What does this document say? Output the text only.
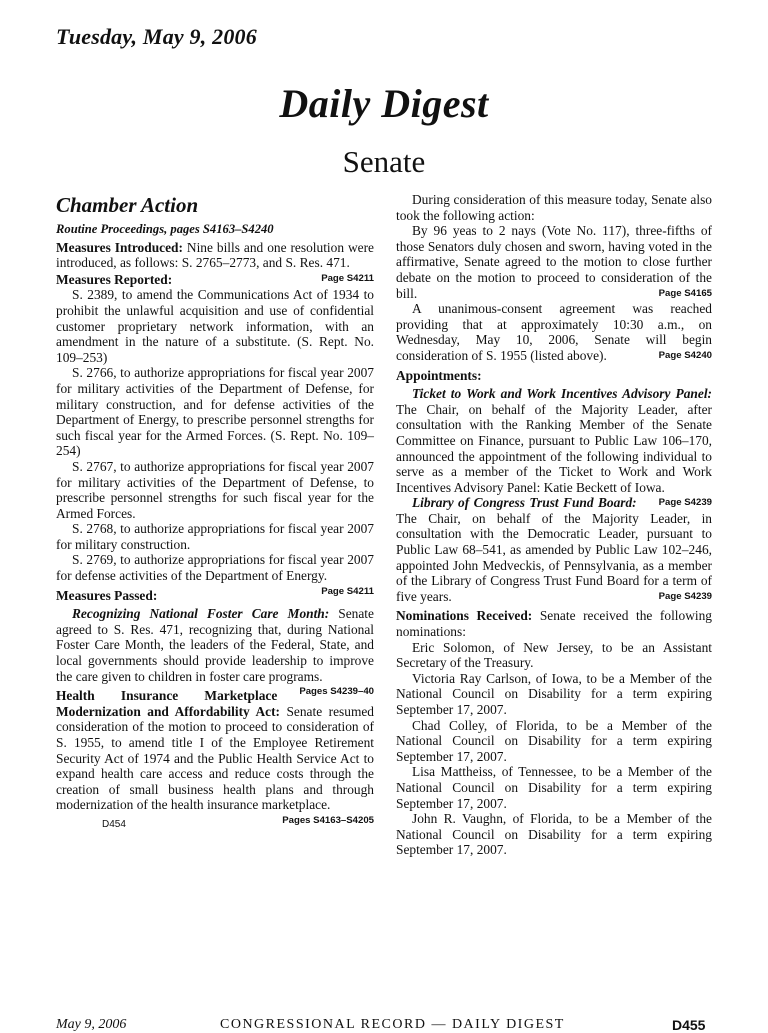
Tuesday, May 9, 2006
Daily Digest
Senate
Chamber Action
Routine Proceedings, pages S4163–S4240

Measures Introduced: Nine bills and one resolution were introduced, as follows: S. 2765–2773, and S. Res. 471.
Page S4211

Measures Reported:

S. 2389, to amend the Communications Act of 1934 to prohibit the unlawful acquisition and use of confidential customer proprietary network information, with an amendment in the nature of a substitute. (S. Rept. No. 109–253)

S. 2766, to authorize appropriations for fiscal year 2007 for military activities of the Department of Defense, for military construction, and for defense activities of the Department of Energy, to prescribe personnel strengths for such fiscal year for the Armed Forces. (S. Rept. No. 109–254)

S. 2767, to authorize appropriations for fiscal year 2007 for military activities of the Department of Defense, to prescribe personnel strengths for such fiscal year for the Armed Forces.

S. 2768, to authorize appropriations for fiscal year 2007 for military construction.

S. 2769, to authorize appropriations for fiscal year 2007 for defense activities of the Department of Energy.
Page S4211

Measures Passed:

Recognizing National Foster Care Month: Senate agreed to S. Res. 471, recognizing that, during National Foster Care Month, the leaders of the Federal, State, and local governments should provide leadership to improve the care given to children in foster care programs.
Pages S4239–40

Health Insurance Marketplace Modernization and Affordability Act: Senate resumed consideration of the motion to proceed to consideration of S. 1955, to amend title I of the Employee Retirement Security Act of 1974 and the Public Health Service Act to expand health care access and reduce costs through the creation of small business health plans and through modernization of the health insurance marketplace.
Pages S4163–S4205

D454

During consideration of this measure today, Senate also took the following action:

By 96 yeas to 2 nays (Vote No. 117), three-fifths of those Senators duly chosen and sworn, having voted in the affirmative, Senate agreed to the motion to close further debate on the motion to proceed to consideration of the bill.	Page S4165

A unanimous-consent agreement was reached providing that at approximately 10:30 a.m., on Wednesday, May 10, 2006, Senate will begin consideration of S. 1955 (listed above).	Page S4240

Appointments:

Ticket to Work and Work Incentives Advisory Panel: The Chair, on behalf of the Majority Leader, after consultation with the Ranking Member of the Senate Committee on Finance, pursuant to Public Law 106–170, announced the appointment of the following individual to serve as a member of the Ticket to Work and Work Incentives Advisory Panel: Katie Beckett of Iowa.
Page S4239

Library of Congress Trust Fund Board: The Chair, on behalf of the Majority Leader, in consultation with the Democratic Leader, pursuant to Public Law 68–541, as amended by Public Law 102–246, appointed John Medveckis, of Pennsylvania, as a member of the Library of Congress Trust Fund Board for a term of five years.	Page S4239

Nominations Received: Senate received the following nominations:

Eric Solomon, of New Jersey, to be an Assistant Secretary of the Treasury.

Victoria Ray Carlson, of Iowa, to be a Member of the National Council on Disability for a term expiring September 17, 2007.

Chad Colley, of Florida, to be a Member of the National Council on Disability for a term expiring September 17, 2007.

Lisa Mattheiss, of Tennessee, to be a Member of the National Council on Disability for a term expiring September 17, 2007.

John R. Vaughn, of Florida, to be a Member of the National Council on Disability for a term expiring September 17, 2007.

May 9, 2006	CONGRESSIONAL RECORD — DAILY DIGEST	D455
